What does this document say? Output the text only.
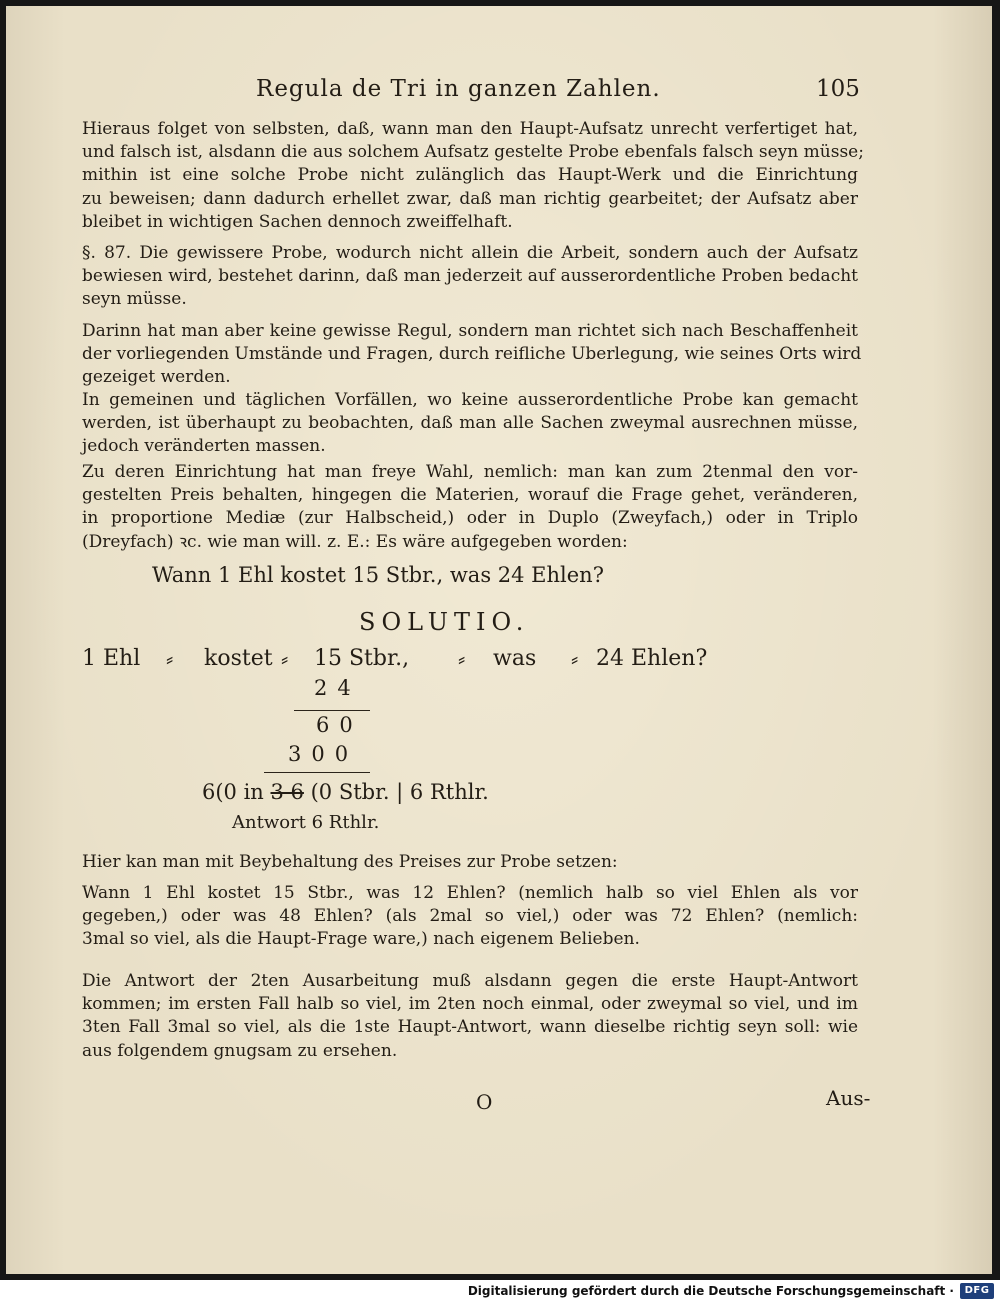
Regula de Tri in ganzen Zahlen.	105
Hieraus folget von selbsten, daß, wann man den Haupt-Aufsatz unrecht verfertiget hat,
und falsch ist, alsdann die aus solchem Aufsatz gestelte Probe ebenfals falsch seyn müsse;
mithin ist eine solche Probe nicht zulänglich das Haupt-Werk und die Einrichtung
zu beweisen; dann dadurch erhellet zwar, daß man richtig gearbeitet; der Aufsatz aber
bleibet in wichtigen Sachen dennoch zweiffelhaft.
§. 87. Die gewissere Probe, wodurch nicht allein die Arbeit, sondern auch der Aufsatz
bewiesen wird, bestehet darinn, daß man jederzeit auf ausserordentliche Proben bedacht
seyn müsse.
Darinn hat man aber keine gewisse Regul, sondern man richtet sich nach Beschaffenheit
der vorliegenden Umstände und Fragen, durch reifliche Uberlegung, wie seines Orts wird
gezeiget werden.
In gemeinen und täglichen Vorfällen, wo keine ausserordentliche Probe kan gemacht
werden, ist überhaupt zu beobachten, daß man alle Sachen zweymal ausrechnen müsse,
jedoch veränderten massen.
Zu deren Einrichtung hat man freye Wahl, nemlich: man kan zum 2tenmal den vor-
gestelten Preis behalten, hingegen die Materien, worauf die Frage gehet, veränderen,
in proportione Mediæ (zur Halbscheid,) oder in Duplo (Zweyfach,) oder in Triplo
(Dreyfach) ꝛc. wie man will. z. E.: Es wäre aufgegeben worden:
Wann 1 Ehl kostet 15 Stbr., was 24 Ehlen?
SOLUTIO.
1 Ehl ⸗ kostet ⸗ 15 Stbr., ⸗ was ⸗ 24 Ehlen?
24
60
300
6(0 in 3 6 (0 Stbr. | 6 Rthlr.
Antwort 6 Rthlr.
Hier kan man mit Beybehaltung des Preises zur Probe setzen:
Wann 1 Ehl kostet 15 Stbr., was 12 Ehlen? (nemlich halb so viel Ehlen als vor
gegeben,) oder was 48 Ehlen? (als 2mal so viel,) oder was 72 Ehlen? (nemlich:
3mal so viel, als die Haupt-Frage ware,) nach eigenem Belieben.
Die Antwort der 2ten Ausarbeitung muß alsdann gegen die erste Haupt-Antwort
kommen; im ersten Fall halb so viel, im 2ten noch einmal, oder zweymal so viel, und im
3ten Fall 3mal so viel, als die 1ste Haupt-Antwort, wann dieselbe richtig seyn soll: wie
aus folgendem gnugsam zu ersehen.
O	Aus-
Digitalisierung gefördert durch die Deutsche Forschungsgemeinschaft ·	DFG
